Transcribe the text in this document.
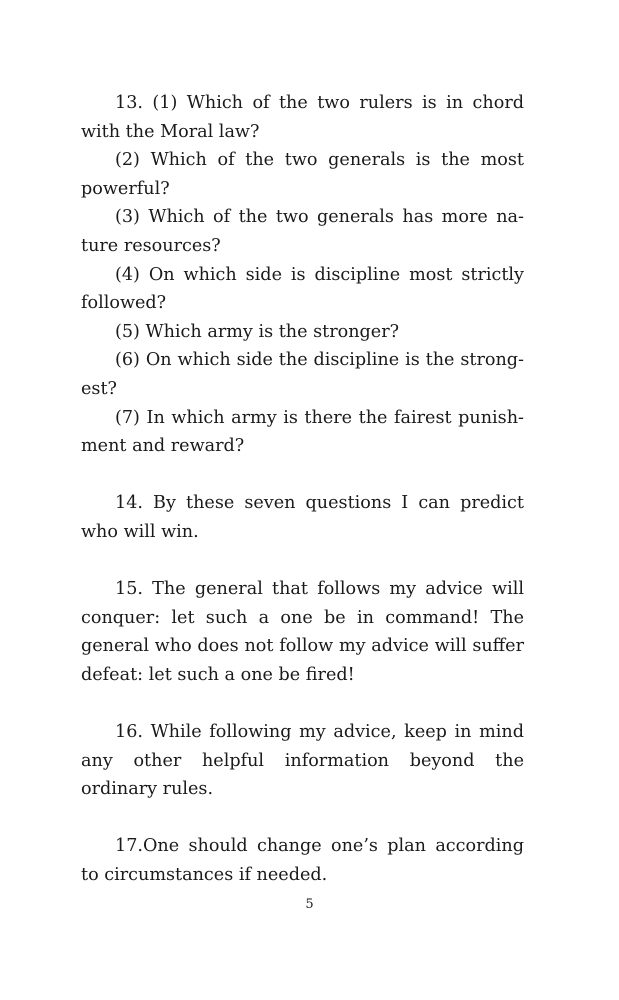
13. (1) Which of the two rulers is in chord with the Moral law?

(2) Which of the two generals is the most powerful?

(3) Which of the two generals has more nature resources?

(4) On which side is discipline most strictly followed?

(5) Which army is the stronger?

(6) On which side the discipline is the strongest?

(7) In which army is there the fairest punishment and reward?

14. By these seven questions I can predict who will win.

15. The general that follows my advice will conquer: let such a one be in command! The general who does not follow my advice will suffer defeat: let such a one be fired!

16. While following my advice, keep in mind any other helpful information beyond the ordinary rules.

17.One should change one’s plan according to circumstances if needed.

5
